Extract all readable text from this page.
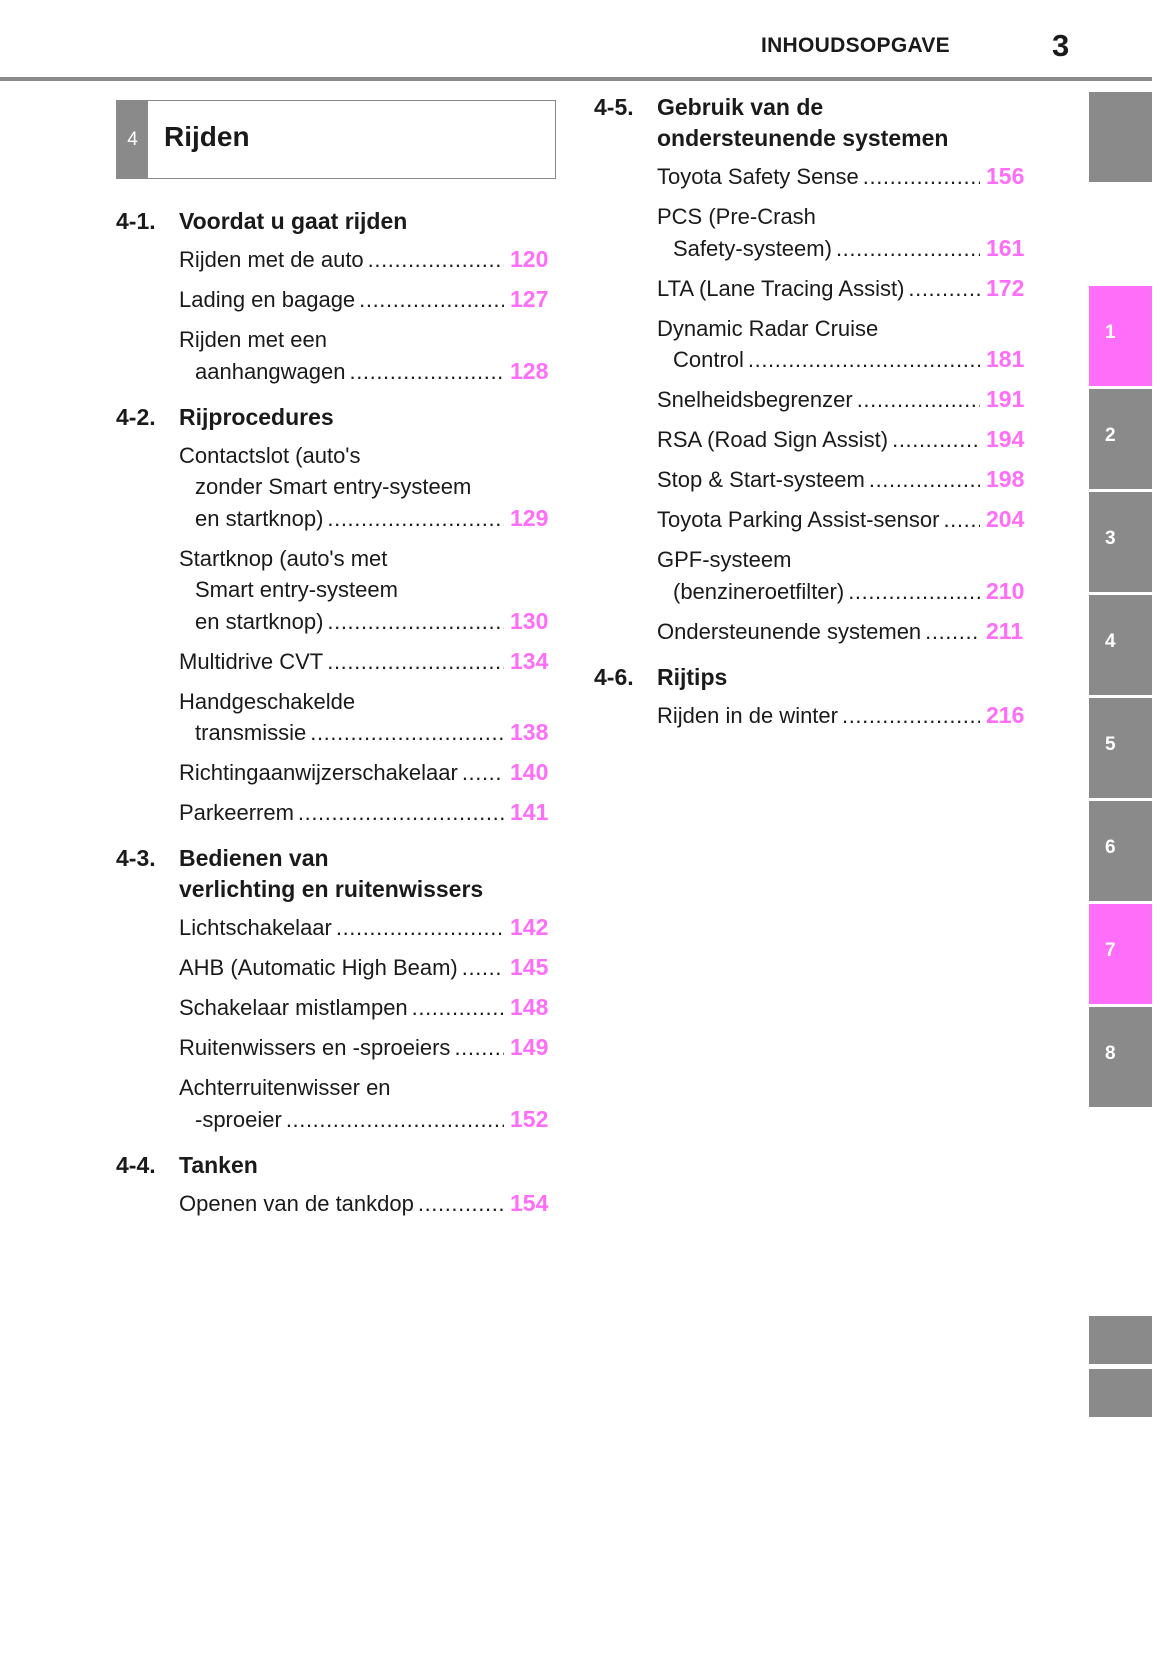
INHOUDSOPGAVE	3
4 Rijden
4-1.	Voordat u gaat rijden
Rijden met de auto .....	120
Lading en bagage .....	127
Rijden met een
aanhangwagen .....	128
4-2.	Rijprocedures
Contactslot (auto's
zonder Smart entry-systeem
en startknop) .....	129
Startknop (auto's met
Smart entry-systeem
en startknop) .....	130
Multidrive CVT .....	134
Handgeschakelde
transmissie .....	138
Richtingaanwijzerschakelaar ..... 140
Parkeerrem .....	141
4-3.	Bedienen van
verlichting en ruitenwissers
Lichtschakelaar .....	142
AHB (Automatic High Beam) ..... 145
Schakelaar mistlampen .....	148
Ruitenwissers en -sproeiers .....	149
Achterruitenwisser en
-sproeier .....	152
4-4.	Tanken
Openen van de tankdop .....	154
4-5.	Gebruik van de
ondersteunende systemen
Toyota Safety Sense .....	156
PCS (Pre-Crash
Safety-systeem) .....	161
LTA (Lane Tracing Assist) .....	172
Dynamic Radar Cruise
Control .....	181
Snelheidsbegrenzer .....	191
RSA (Road Sign Assist) .....	194
Stop & Start-systeem .....	198
Toyota Parking Assist-sensor ..... 204
GPF-systeem
(benzineroetfilter) .....	210
Ondersteunende systemen .....	211
4-6.	Rijtips
Rijden in de winter .....	216
1
2
3
4
5
6
7
8
